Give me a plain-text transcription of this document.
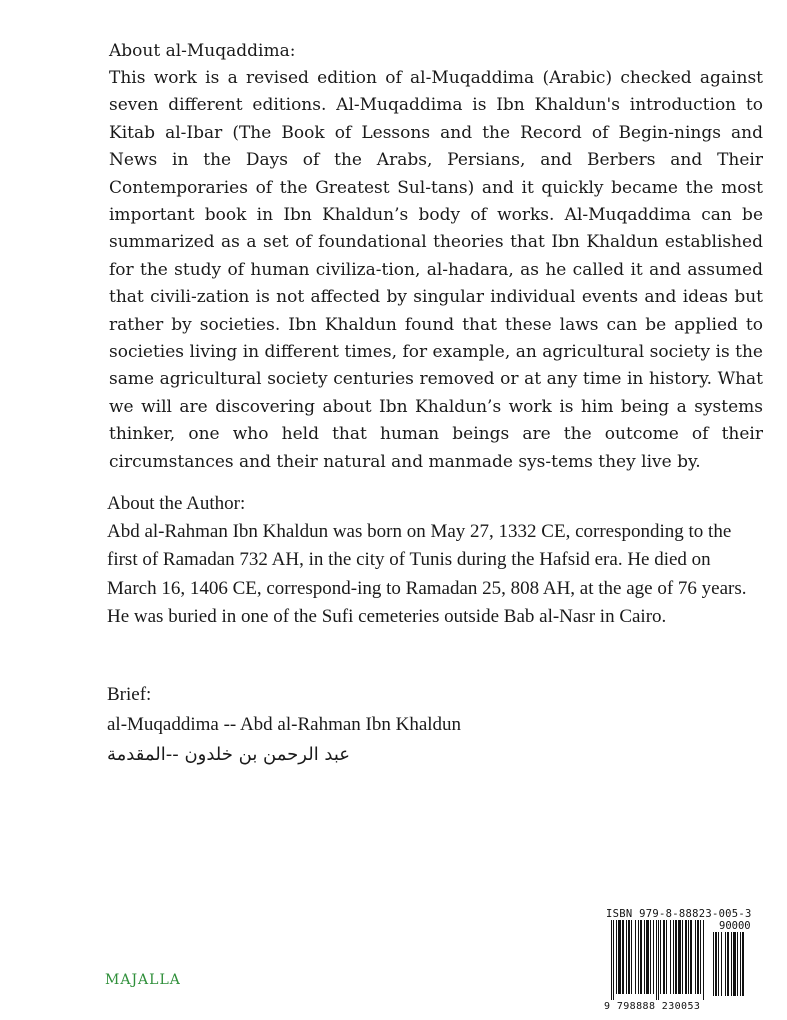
About al-Muqaddima:

This work is a revised edition of al-Muqaddima (Arabic) checked against seven different editions. Al-Muqaddima is Ibn Khaldun's introduction to Kitab al-Ibar (The Book of Lessons and the Record of Begin-nings and News in the Days of the Arabs, Persians, and Berbers and Their Contemporaries of the Greatest Sul-tans) and it quickly became the most important book in Ibn Khaldun’s body of works. Al-Muqaddima can be summarized as a set of foundational theories that Ibn Khaldun established for the study of human civiliza-tion, al-hadara, as he called it and assumed that civili-zation is not affected by singular individual events and ideas but rather by societies. Ibn Khaldun found that these laws can be applied to societies living in different times, for example, an agricultural society is the same agricultural society centuries removed or at any time in history. What we will are discovering about Ibn Khaldun’s work is him being a systems thinker, one who held that human beings are the outcome of their circumstances and their natural and manmade sys-tems they live by.

About the Author:

Abd al-Rahman Ibn Khaldun was born on May 27, 1332 CE, corresponding to the first of Ramadan 732 AH, in the city of Tunis during the Hafsid era. He died on March 16, 1406 CE, correspond-ing to Ramadan 25, 808 AH, at the age of 76 years. He was buried in one of the Sufi cemeteries outside Bab al-Nasr in Cairo.

Brief:

al-Muqaddima -- Abd al-Rahman Ibn Khaldun

عبد الرحمن بن خلدون --المقدمة

MAJALLA
ISBN 979-8-88823-005-3
90000
9 798888 230053
